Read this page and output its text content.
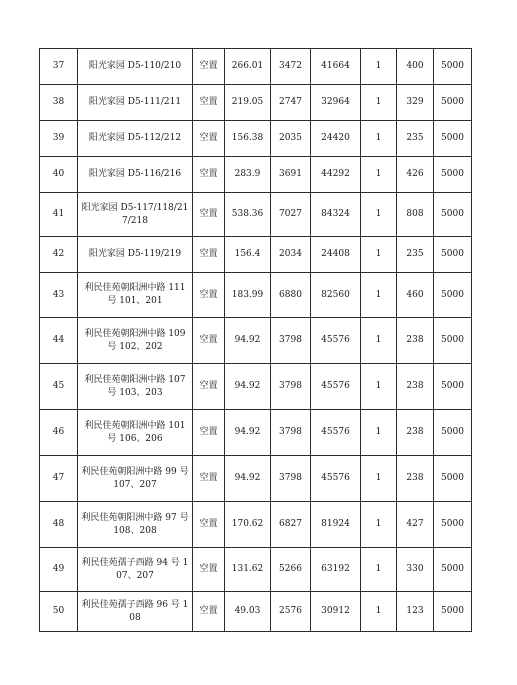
37	阳光家园 D5-110/210	空置	266.01	3472	41664	1	400	5000
38	阳光家园 D5-111/211	空置	219.05	2747	32964	1	329	5000
39	阳光家园 D5-112/212	空置	156.38	2035	24420	1	235	5000
40	阳光家园 D5-116/216	空置	283.9	3691	44292	1	426	5000
41	阳光家园 D5-117/118/217/218	空置	538.36	7027	84324	1	808	5000
42	阳光家园 D5-119/219	空置	156.4	2034	24408	1	235	5000
43	利民佳苑朝阳洲中路 111 号 101、201	空置	183.99	6880	82560	1	460	5000
44	利民佳苑朝阳洲中路 109 号 102、202	空置	94.92	3798	45576	1	238	5000
45	利民佳苑朝阳洲中路 107 号 103、203	空置	94.92	3798	45576	1	238	5000
46	利民佳苑朝阳洲中路 101 号 106、206	空置	94.92	3798	45576	1	238	5000
47	利民佳苑朝阳洲中路 99 号 107、207	空置	94.92	3798	45576	1	238	5000
48	利民佳苑朝阳洲中路 97 号 108、208	空置	170.62	6827	81924	1	427	5000
49	利民佳苑孺子西路 94 号 107、207	空置	131.62	5266	63192	1	330	5000
50	利民佳苑孺子西路 96 号 108	空置	49.03	2576	30912	1	123	5000
